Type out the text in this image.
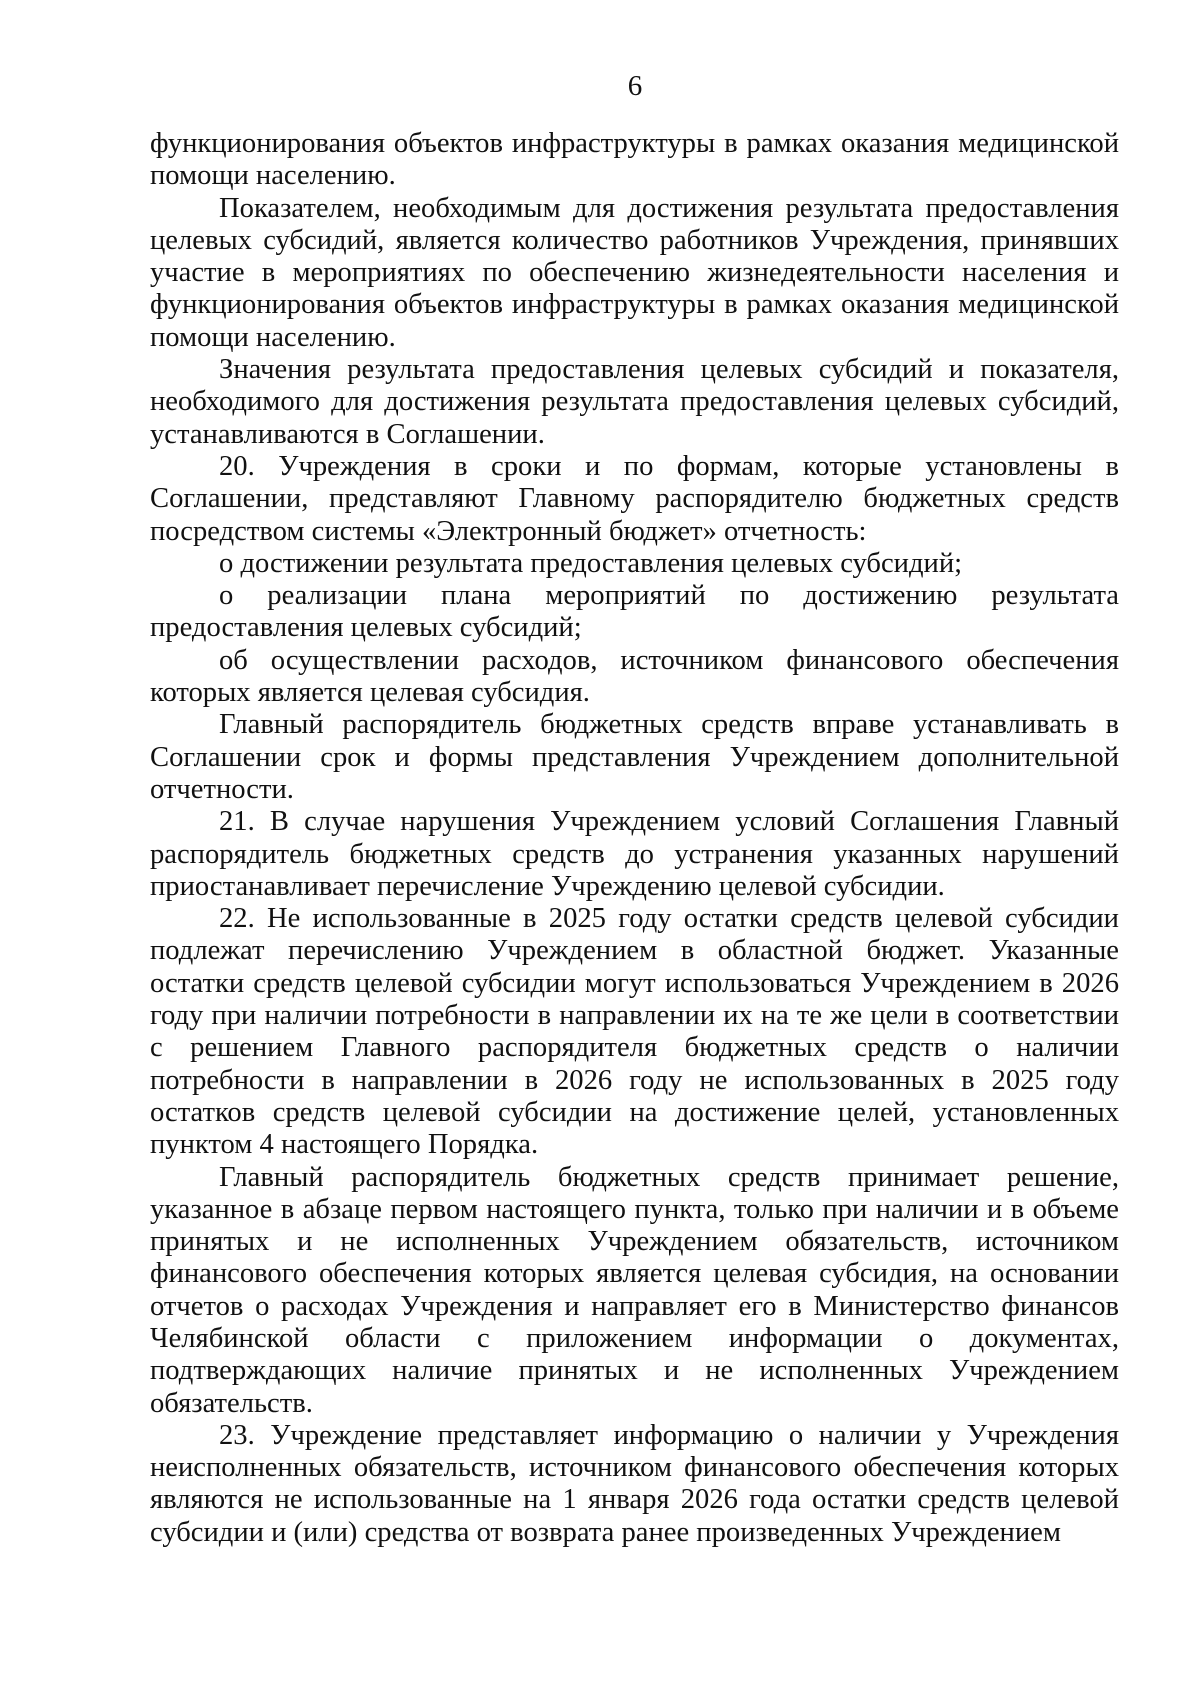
6

функционирования объектов инфраструктуры в рамках оказания медицинской помощи населению.

Показателем, необходимым для достижения результата предоставления целевых субсидий, является количество работников Учреждения, принявших участие в мероприятиях по обеспечению жизнедеятельности населения и функционирования объектов инфраструктуры в рамках оказания медицинской помощи населению.

Значения результата предоставления целевых субсидий и показателя, необходимого для достижения результата предоставления целевых субсидий, устанавливаются в Соглашении.

20. Учреждения в сроки и по формам, которые установлены в Соглашении, представляют Главному распорядителю бюджетных средств посредством системы «Электронный бюджет» отчетность:

о достижении результата предоставления целевых субсидий;

о реализации плана мероприятий по достижению результата предоставления целевых субсидий;

об осуществлении расходов, источником финансового обеспечения которых является целевая субсидия.

Главный распорядитель бюджетных средств вправе устанавливать в Соглашении срок и формы представления Учреждением дополнительной отчетности.

21. В случае нарушения Учреждением условий Соглашения Главный распорядитель бюджетных средств до устранения указанных нарушений приостанавливает перечисление Учреждению целевой субсидии.

22. Не использованные в 2025 году остатки средств целевой субсидии подлежат перечислению Учреждением в областной бюджет. Указанные остатки средств целевой субсидии могут использоваться Учреждением в 2026 году при наличии потребности в направлении их на те же цели в соответствии с решением Главного распорядителя бюджетных средств о наличии потребности в направлении в 2026 году не использованных в 2025 году остатков средств целевой субсидии на достижение целей, установленных пунктом 4 настоящего Порядка.

Главный распорядитель бюджетных средств принимает решение, указанное в абзаце первом настоящего пункта, только при наличии и в объеме принятых и не исполненных Учреждением обязательств, источником финансового обеспечения которых является целевая субсидия, на основании отчетов о расходах Учреждения и направляет его в Министерство финансов Челябинской области с приложением информации о документах, подтверждающих наличие принятых и не исполненных Учреждением обязательств.

23. Учреждение представляет информацию о наличии у Учреждения неисполненных обязательств, источником финансового обеспечения которых являются не использованные на 1 января 2026 года остатки средств целевой субсидии и (или) средства от возврата ранее произведенных Учреждением
